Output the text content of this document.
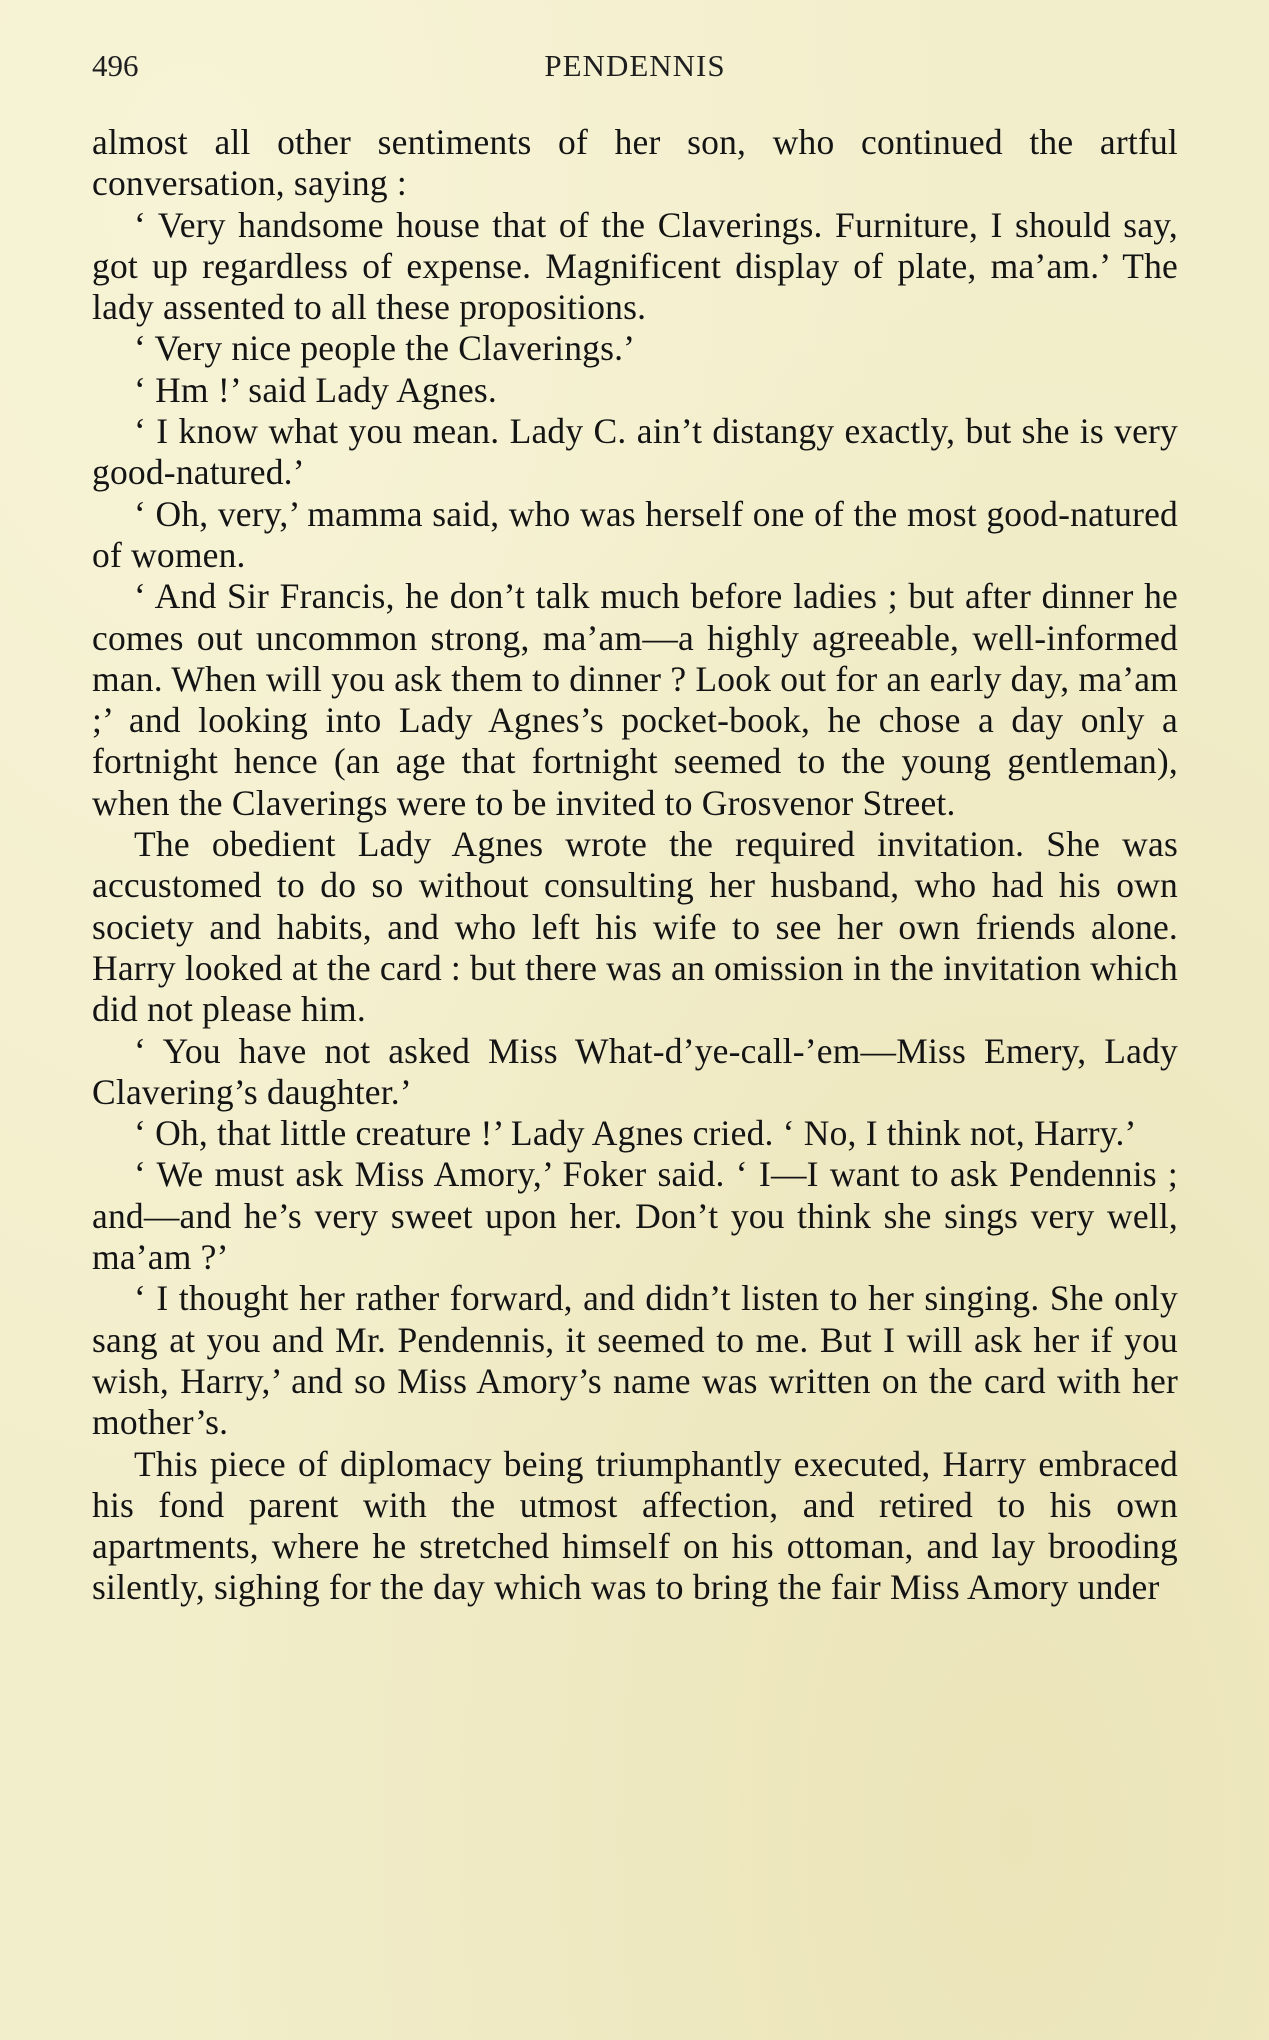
496	PENDENNIS

almost all other sentiments of her son, who continued the artful conversation, saying :

‘ Very handsome house that of the Claverings. Furniture, I should say, got up regardless of expense. Magnificent display of plate, ma’am.’ The lady assented to all these propositions.

‘ Very nice people the Claverings.’

‘ Hm !’ said Lady Agnes.

‘ I know what you mean. Lady C. ain’t distangy exactly, but she is very good-natured.’

‘ Oh, very,’ mamma said, who was herself one of the most good-natured of women.

‘ And Sir Francis, he don’t talk much before ladies ; but after dinner he comes out uncommon strong, ma’am—a highly agreeable, well-informed man. When will you ask them to dinner ? Look out for an early day, ma’am ;’ and looking into Lady Agnes’s pocket-book, he chose a day only a fortnight hence (an age that fortnight seemed to the young gentleman), when the Claverings were to be invited to Grosvenor Street.

The obedient Lady Agnes wrote the required invitation. She was accustomed to do so without consulting her husband, who had his own society and habits, and who left his wife to see her own friends alone. Harry looked at the card : but there was an omission in the invitation which did not please him.

‘ You have not asked Miss What-d’ye-call-’em—Miss Emery, Lady Clavering’s daughter.’

‘ Oh, that little creature !’ Lady Agnes cried. ‘ No, I think not, Harry.’

‘ We must ask Miss Amory,’ Foker said. ‘ I—I want to ask Pendennis ; and—and he’s very sweet upon her. Don’t you think she sings very well, ma’am ?’

‘ I thought her rather forward, and didn’t listen to her singing. She only sang at you and Mr. Pendennis, it seemed to me. But I will ask her if you wish, Harry,’ and so Miss Amory’s name was written on the card with her mother’s.

This piece of diplomacy being triumphantly executed, Harry embraced his fond parent with the utmost affection, and retired to his own apartments, where he stretched himself on his ottoman, and lay brooding silently, sighing for the day which was to bring the fair Miss Amory under
